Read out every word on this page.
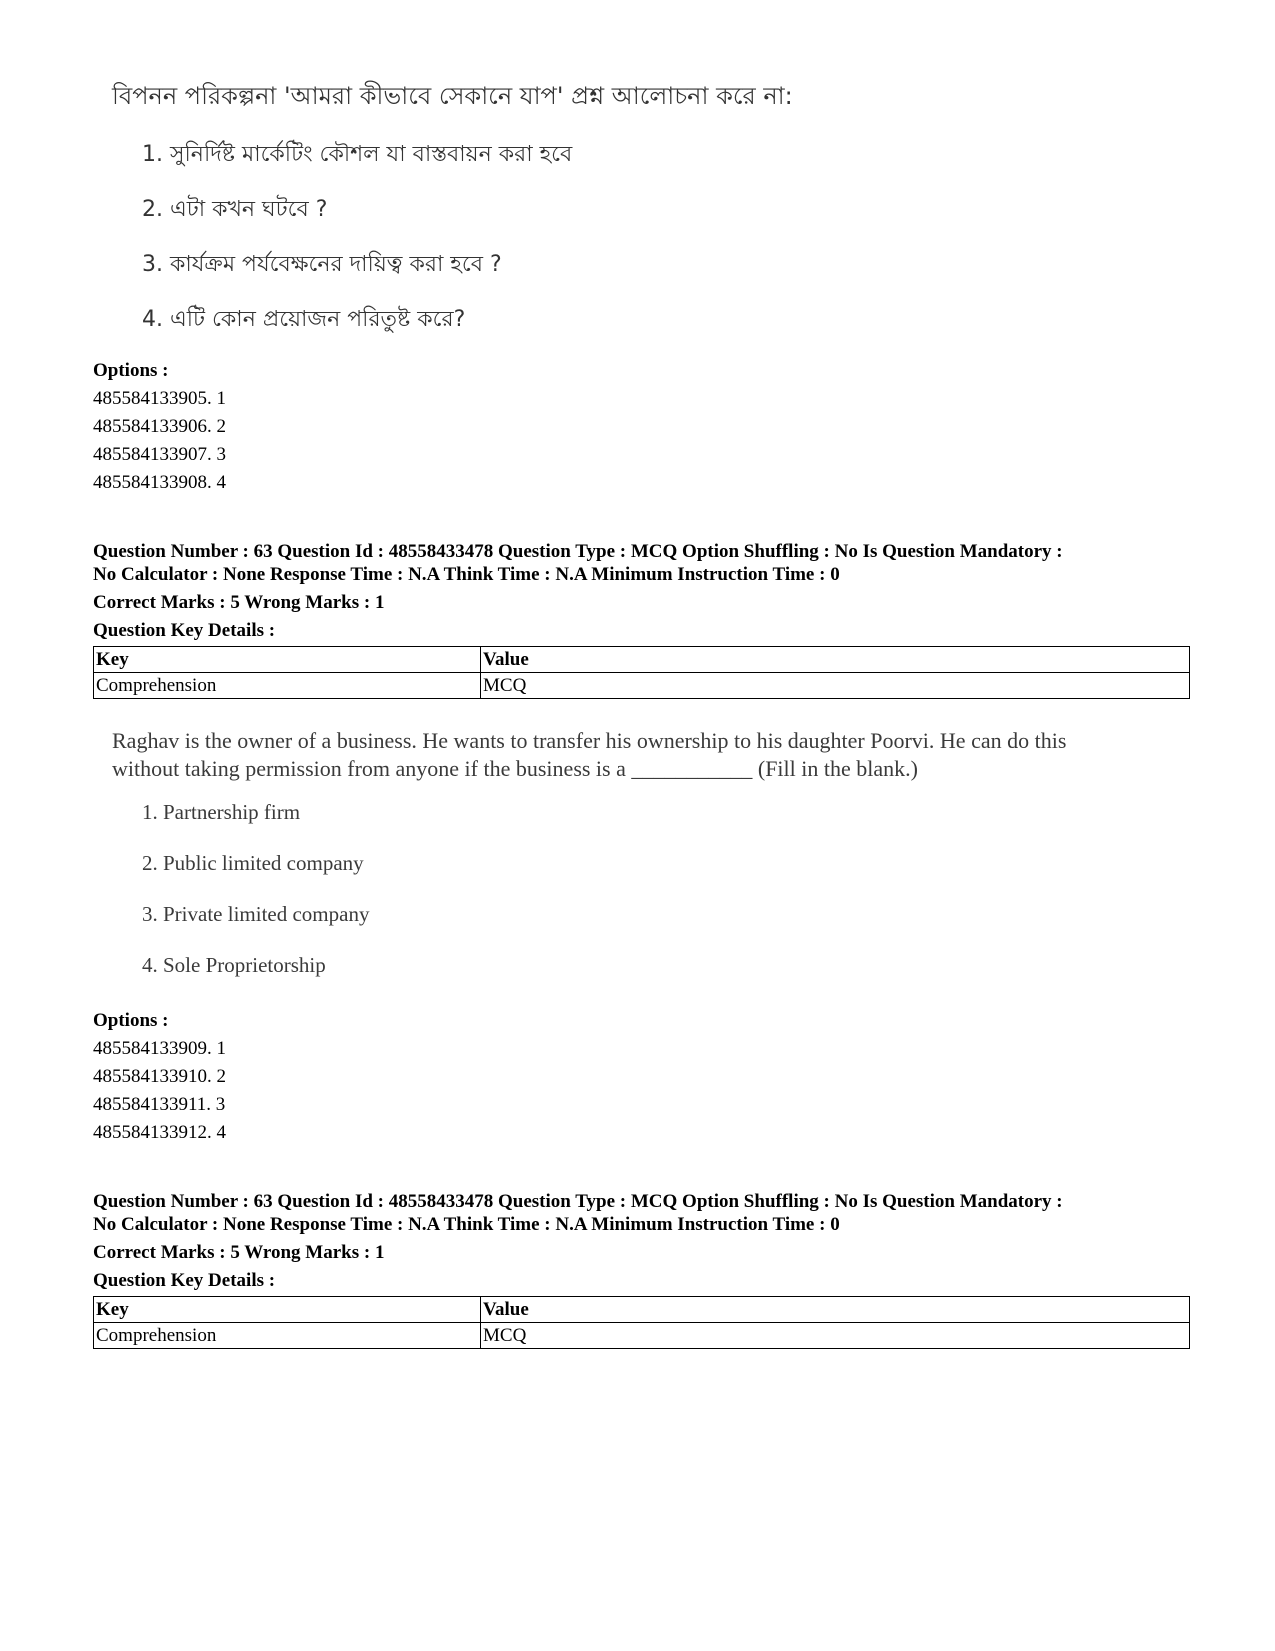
বিপনন পরিকল্পনা 'আমরা কীভাবে সেকানে যাপ' প্রশ্ন আলোচনা করে না:
1. সুনির্দিষ্ট মার্কেটিং কৌশল যা বাস্তবায়ন করা হবে
2. এটা কখন ঘটবে ?
3. কার্যক্রম পর্যবেক্ষনের দায়িত্ব করা হবে ?
4. এটি কোন প্রয়োজন পরিতুষ্ট করে?
Options :
485584133905. 1
485584133906. 2
485584133907. 3
485584133908. 4
Question Number : 63 Question Id : 48558433478 Question Type : MCQ Option Shuffling : No Is Question Mandatory :
No Calculator : None Response Time : N.A Think Time : N.A Minimum Instruction Time : 0
Correct Marks : 5 Wrong Marks : 1
Question Key Details :
Key	Value
Comprehension	MCQ
Raghav is the owner of a business. He wants to transfer his ownership to his daughter Poorvi. He can do this
without taking permission from anyone if the business is a ___________ (Fill in the blank.)
1. Partnership firm
2. Public limited company
3. Private limited company
4. Sole Proprietorship
Options :
485584133909. 1
485584133910. 2
485584133911. 3
485584133912. 4
Question Number : 63 Question Id : 48558433478 Question Type : MCQ Option Shuffling : No Is Question Mandatory :
No Calculator : None Response Time : N.A Think Time : N.A Minimum Instruction Time : 0
Correct Marks : 5 Wrong Marks : 1
Question Key Details :
Key	Value
Comprehension	MCQ
